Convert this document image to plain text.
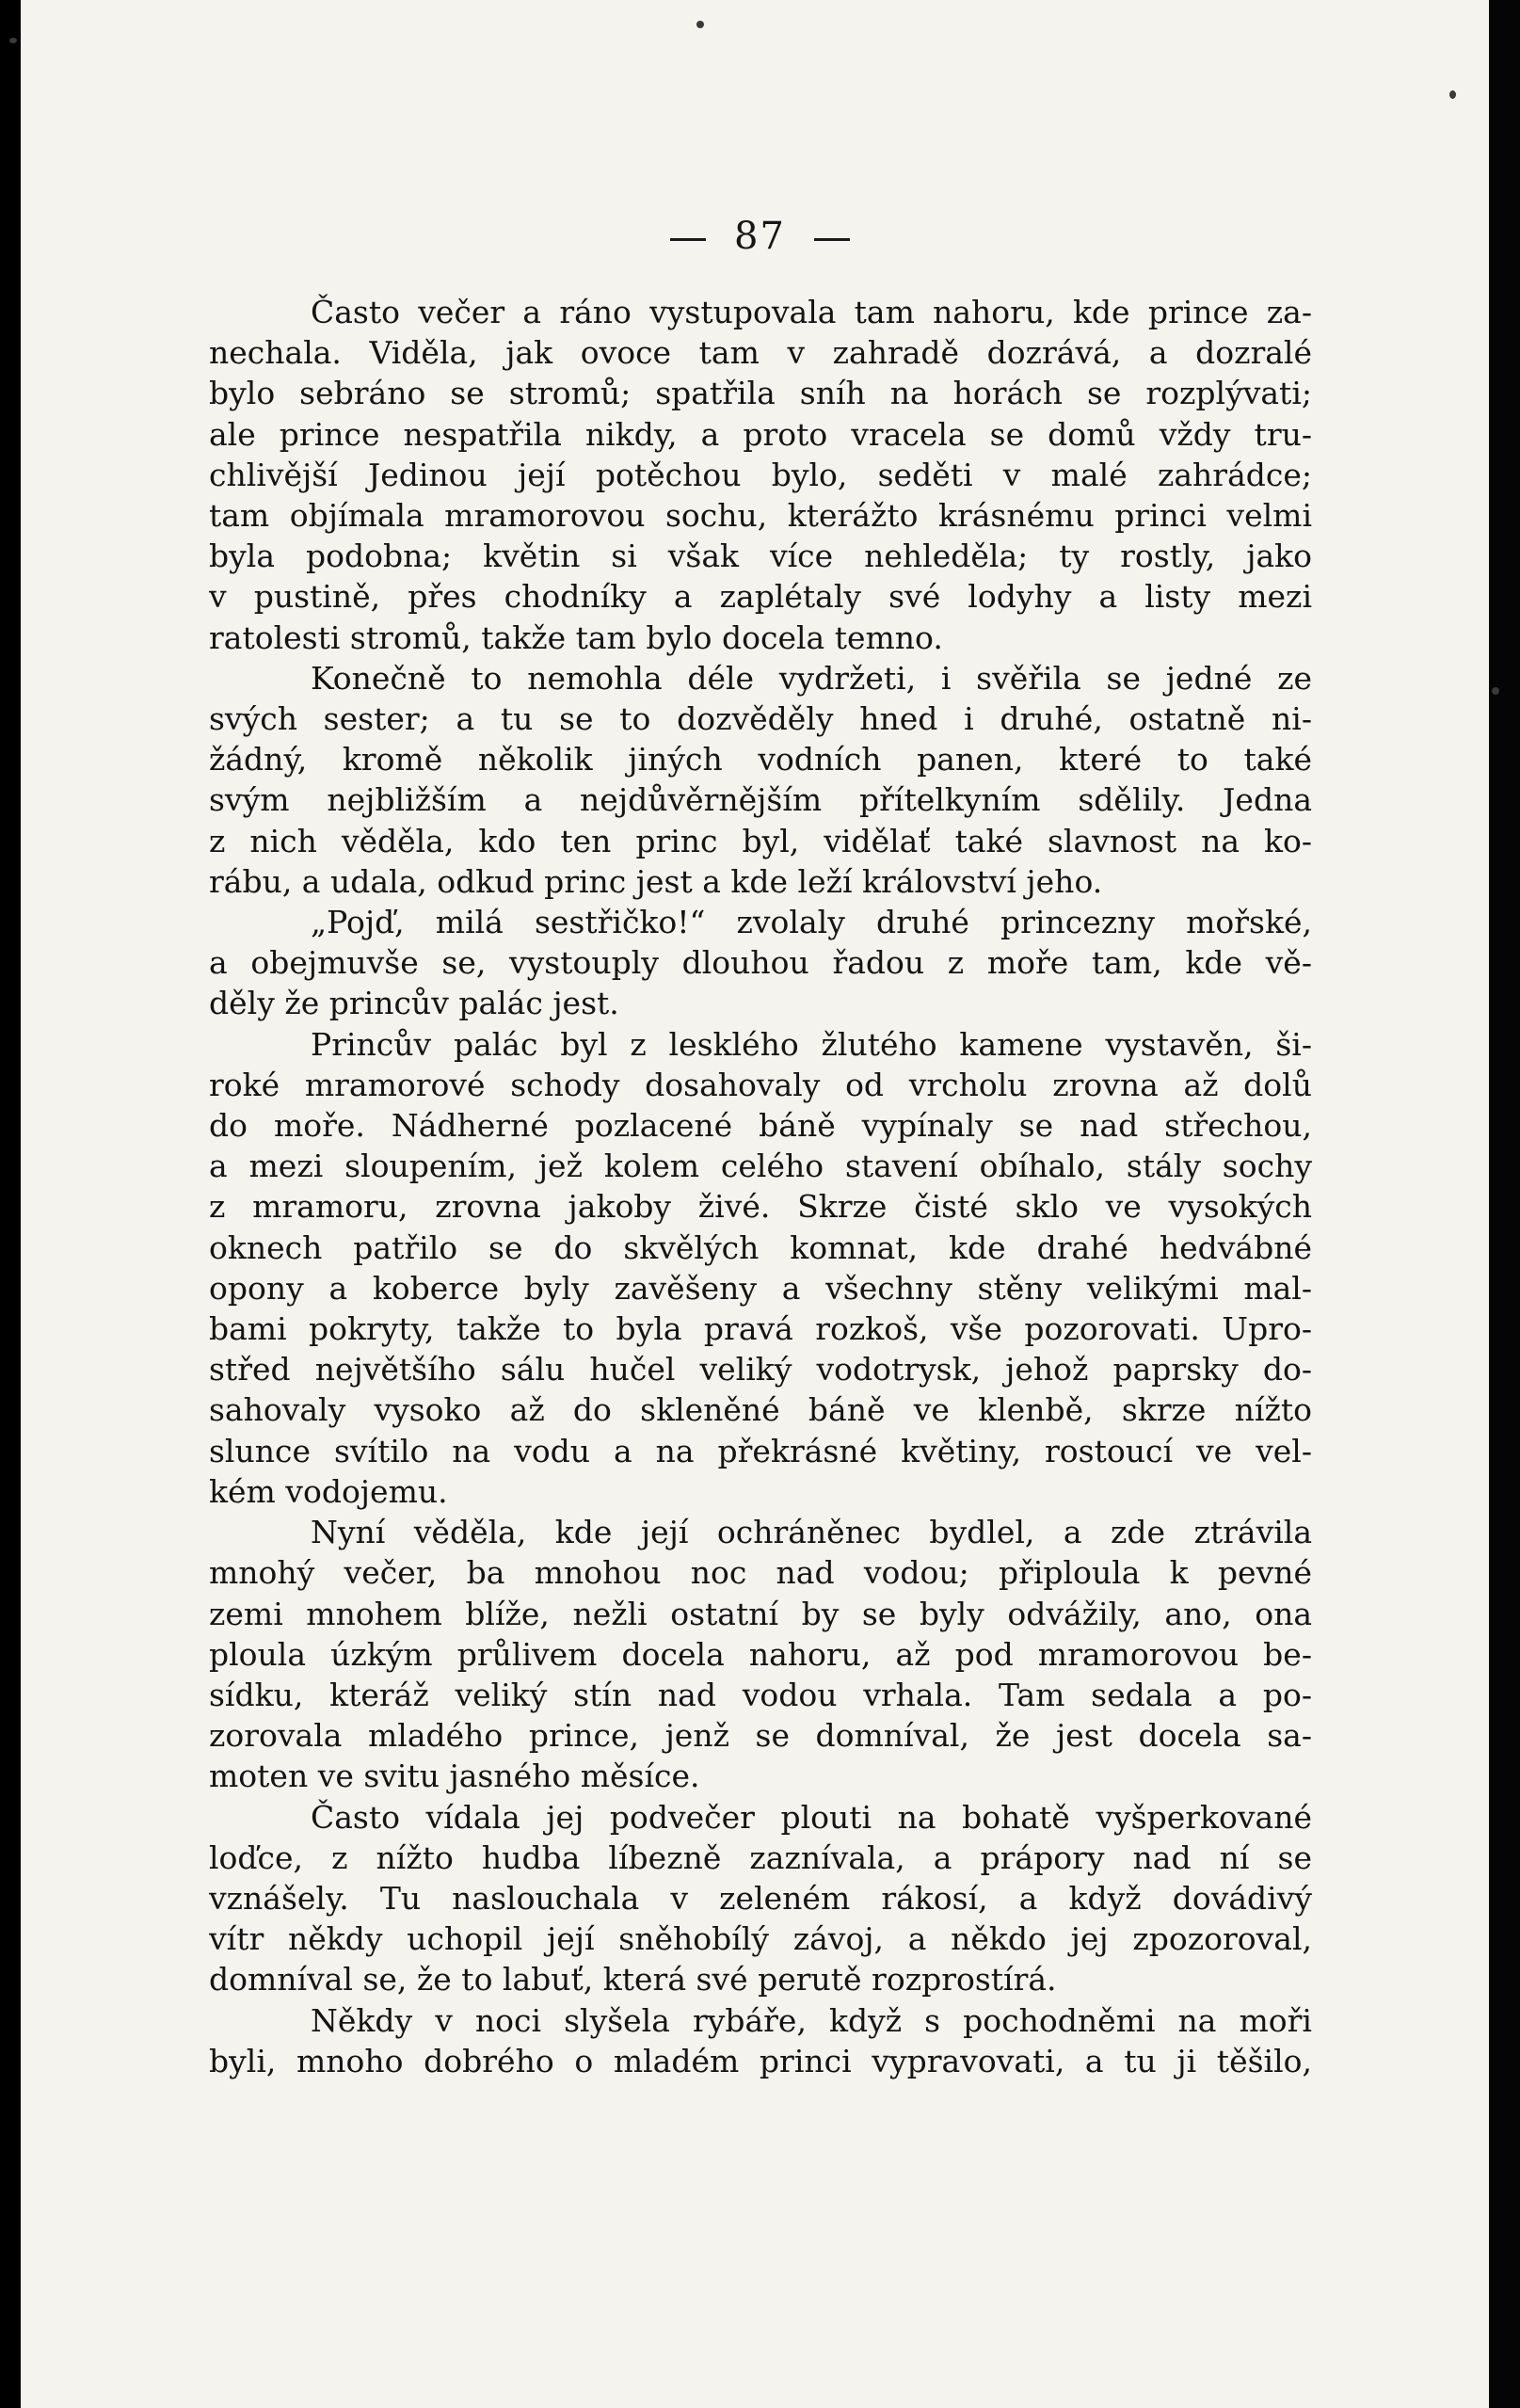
87
Často večer a ráno vystupovala tam nahoru, kde prince za-
nechala. Viděla, jak ovoce tam v zahradě dozrává, a dozralé
bylo sebráno se stromů; spatřila sníh na horách se rozplývati;
ale prince nespatřila nikdy, a proto vracela se domů vždy tru-
chlivější Jedinou její potěchou bylo, seděti v malé zahrádce;
tam objímala mramorovou sochu, kterážto krásnému princi velmi
byla podobna; květin si však více nehleděla; ty rostly, jako
v pustině, přes chodníky a zaplétaly své lodyhy a listy mezi
ratolesti stromů, takže tam bylo docela temno.
Konečně to nemohla déle vydržeti, i svěřila se jedné ze
svých sester; a tu se to dozvěděly hned i druhé, ostatně ni-
žádný, kromě několik jiných vodních panen, které to také
svým nejbližším a nejdůvěrnějším přítelkyním sdělily. Jedna
z nich věděla, kdo ten princ byl, vidělať také slavnost na ko-
rábu, a udala, odkud princ jest a kde leží království jeho.
„Pojď, milá sestřičko!“ zvolaly druhé princezny mořské,
a obejmuvše se, vystouply dlouhou řadou z moře tam, kde vě-
děly že princův palác jest.
Princův palác byl z lesklého žlutého kamene vystavěn, ši-
roké mramorové schody dosahovaly od vrcholu zrovna až dolů
do moře. Nádherné pozlacené báně vypínaly se nad střechou,
a mezi sloupením, jež kolem celého stavení obíhalo, stály sochy
z mramoru, zrovna jakoby živé. Skrze čisté sklo ve vysokých
oknech patřilo se do skvělých komnat, kde drahé hedvábné
opony a koberce byly zavěšeny a všechny stěny velikými mal-
bami pokryty, takže to byla pravá rozkoš, vše pozorovati. Upro-
střed největšího sálu hučel veliký vodotrysk, jehož paprsky do-
sahovaly vysoko až do skleněné báně ve klenbě, skrze nížto
slunce svítilo na vodu a na překrásné květiny, rostoucí ve vel-
kém vodojemu.
Nyní věděla, kde její ochráněnec bydlel, a zde ztrávila
mnohý večer, ba mnohou noc nad vodou; připloula k pevné
zemi mnohem blíže, nežli ostatní by se byly odvážily, ano, ona
ploula úzkým průlivem docela nahoru, až pod mramorovou be-
sídku, kteráž veliký stín nad vodou vrhala. Tam sedala a po-
zorovala mladého prince, jenž se domníval, že jest docela sa-
moten ve svitu jasného měsíce.
Často vídala jej podvečer plouti na bohatě vyšperkované
loďce, z nížto hudba líbezně zaznívala, a prápory nad ní se
vznášely. Tu naslouchala v zeleném rákosí, a když dovádivý
vítr někdy uchopil její sněhobílý závoj, a někdo jej zpozoroval,
domníval se, že to labuť, která své perutě rozprostírá.
Někdy v noci slyšela rybáře, když s pochodněmi na moři
byli, mnoho dobrého o mladém princi vypravovati, a tu ji těšilo,
